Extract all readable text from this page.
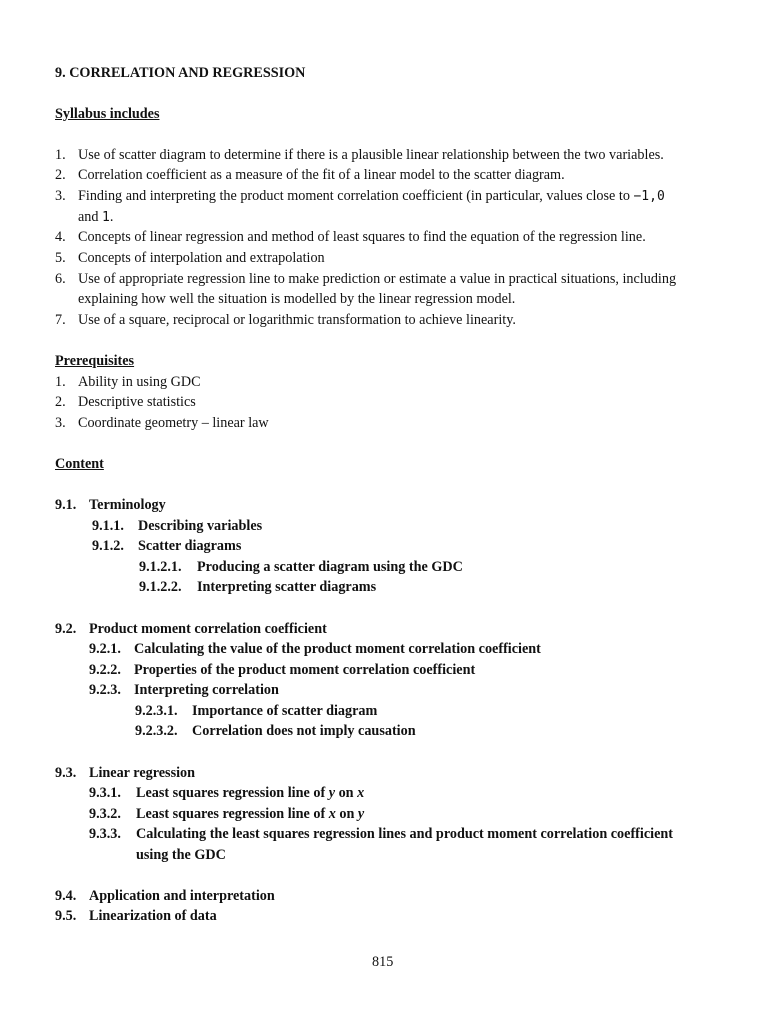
9. CORRELATION AND REGRESSION
Syllabus includes
1. Use of scatter diagram to determine if there is a plausible linear relationship between the two variables.
2. Correlation coefficient as a measure of the fit of a linear model to the scatter diagram.
3. Finding and interpreting the product moment correlation coefficient (in particular, values close to −1,0
and 1.
4. Concepts of linear regression and method of least squares to find the equation of the regression line.
5. Concepts of interpolation and extrapolation
6. Use of appropriate regression line to make prediction or estimate a value in practical situations, including
explaining how well the situation is modelled by the linear regression model.
7. Use of a square, reciprocal or logarithmic transformation to achieve linearity.
Prerequisites
1. Ability in using GDC
2. Descriptive statistics
3. Coordinate geometry – linear law
Content
9.1. Terminology
9.1.1. Describing variables
9.1.2. Scatter diagrams
9.1.2.1. Producing a scatter diagram using the GDC
9.1.2.2. Interpreting scatter diagrams
9.2. Product moment correlation coefficient
9.2.1. Calculating the value of the product moment correlation coefficient
9.2.2. Properties of the product moment correlation coefficient
9.2.3. Interpreting correlation
9.2.3.1. Importance of scatter diagram
9.2.3.2. Correlation does not imply causation
9.3. Linear regression
9.3.1. Least squares regression line of y on x
9.3.2. Least squares regression line of x on y
9.3.3. Calculating the least squares regression lines and product moment correlation coefficient
using the GDC
9.4. Application and interpretation
9.5. Linearization of data
815
